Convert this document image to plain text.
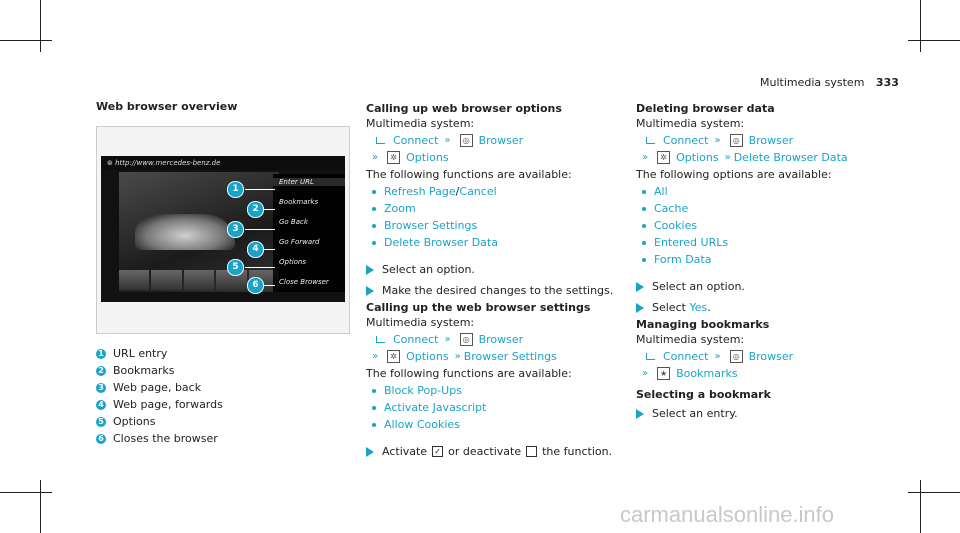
Multimedia system 333
Web browser overview
⊛ http://www.mercedes-benz.de
Enter URL
Bookmarks
Go Back
Go Forward
Options
Close Browser
1
2
3
4
5
6
1 URL entry
2 Bookmarks
3 Web page, back
4 Web page, forwards
5 Options
6 Closes the browser
Calling up web browser options
Multimedia system:
Connect »	◎ Browser
»	✲ Options
The following functions are available:
Refresh Page / Cancel
Zoom
Browser Settings
Delete Browser Data
Select an option.
Make the desired changes to the settings.
Calling up the web browser settings
Multimedia system:
Connect »	◎ Browser
»	✲ Options » Browser Settings
The following functions are available:
Block Pop-Ups
Activate Javascript
Allow Cookies
Activate ✓ or deactivate the function.
Deleting browser data
Multimedia system:
Connect »	◎ Browser
»	✲ Options » Delete Browser Data
The following options are available:
All
Cache
Cookies
Entered URLs
Form Data
Select an option.
Select
Yes .
Managing bookmarks
Multimedia system:
Connect »	◎ Browser
»	★ Bookmarks
Selecting a bookmark
Select an entry.
carmanualsonline.info
